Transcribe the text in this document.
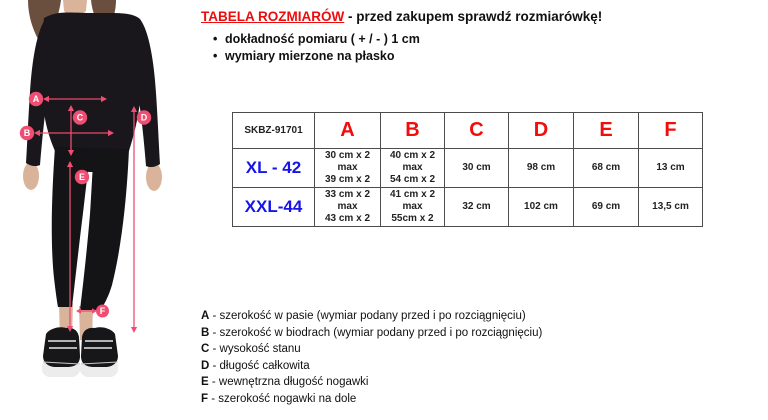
A
B
C	D
E
F
TABELA ROZMIARÓW - przed zakupem sprawdź rozmiarówkę!
• dokładność pomiaru ( + / - ) 1 cm
• wymiary mierzone na płasko
SKBZ-91701	A	B	C	D	E	F
XL - 42	30 cm x 2
max
39 cm x 2	40 cm x 2
max
54 cm x 2	30 cm	98 cm	68 cm	13 cm

XXL-44	33 cm x 2
max
43 cm x 2	41 cm x 2
max
55cm x 2	32 cm	102 cm	69 cm	13,5 cm
A - szerokość w pasie (wymiar podany przed i po rozciągnięciu)
B - szerokość w biodrach (wymiar podany przed i po rozciągnięciu)
C - wysokość stanu
D - długość całkowita
E - wewnętrzna długość nogawki
F - szerokość nogawki na dole
